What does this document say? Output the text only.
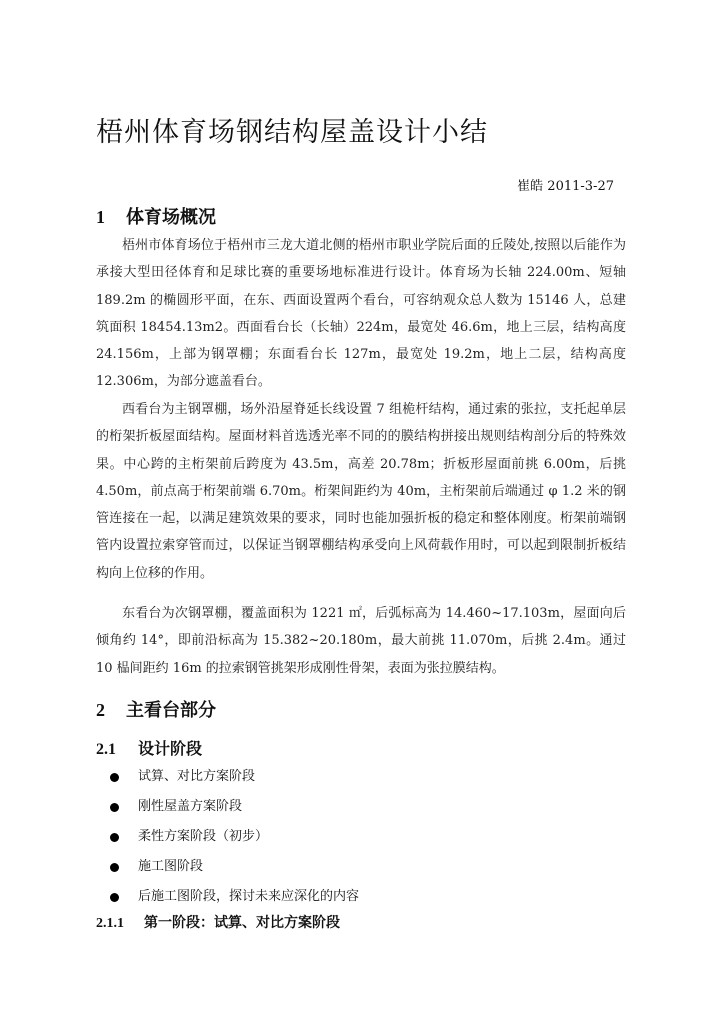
梧州体育场钢结构屋盖设计小结
崔皓 2011-3-27
1 体育场概况

梧州市体育场位于梧州市三龙大道北侧的梧州市职业学院后面的丘陵处,按照以后能作为承接大型田径体育和足球比赛的重要场地标准进行设计。体育场为长轴 224.00m、短轴 189.2m 的椭圆形平面，在东、西面设置两个看台，可容纳观众总人数为 15146 人，总建筑面积 18454.13m2。西面看台长（长轴）224m，最宽处 46.6m，地上三层，结构高度 24.156m，上部为钢罩棚；东面看台长 127m，最宽处 19.2m，地上二层，结构高度 12.306m，为部分遮盖看台。

西看台为主钢罩棚，场外沿屋脊延长线设置 7 组桅杆结构，通过索的张拉，支托起单层的桁架折板屋面结构。屋面材料首选透光率不同的的膜结构拼接出规则结构剖分后的特殊效果。中心跨的主桁架前后跨度为 43.5m，高差 20.78m；折板形屋面前挑 6.00m，后挑 4.50m，前点高于桁架前端 6.70m。桁架间距约为 40m，主桁架前后端通过 φ 1.2 米的钢管连接在一起，以满足建筑效果的要求，同时也能加强折板的稳定和整体刚度。桁架前端钢管内设置拉索穿管而过，以保证当钢罩棚结构承受向上风荷载作用时，可以起到限制折板结构向上位移的作用。

东看台为次钢罩棚，覆盖面积为 1221 ㎡，后弧标高为 14.460~17.103m，屋面向后倾角约 14°，即前沿标高为 15.382~20.180m，最大前挑 11.070m，后挑 2.4m。通过 10 榀间距约 16m 的拉索钢管挑架形成刚性骨架，表面为张拉膜结构。

2 主看台部分
2.1 设计阶段
试算、对比方案阶段
刚性屋盖方案阶段
柔性方案阶段（初步）
施工图阶段
后施工图阶段，探讨未来应深化的内容
2.1.1 第一阶段：试算、对比方案阶段
